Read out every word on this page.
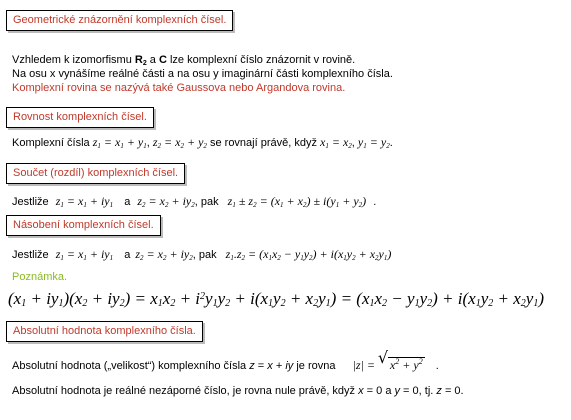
Geometrické znázornění komplexních čísel.
Vzhledem k izomorfismu $R_2$ a C lze komplexní číslo znázornit v rovině.
Na osu x vynášíme reálné části a na osu y imaginární části komplexního čísla.
Komplexní rovina se nazývá také Gaussova nebo Argandova rovina.
Rovnost komplexních čísel.
Komplexní čísla $z_1 = x_1 + y_1$, $z_2 = x_2 + y_2$ se rovnají právě, když $x_1 = x_2$, $y_1 = y_2$.
Součet (rozdíl) komplexních čísel.
Jestliže $z_1 = x_1 + iy_1$ a $z_2 = x_2 + iy_2$, pak $z_1 \pm z_2 = (x_1 + x_2) \pm i(y_1 + y_2)$ .
Násobení komplexních čísel.
Jestliže $z_1 = x_1 + iy_1$ a $z_2 = x_2 + iy_2$, pak $z_1.z_2 = (x_1x_2 - y_1y_2) + i(x_1y_2 + x_2y_1)$
Poznámka.
$(x_1 + iy_1)(x_2 + iy_2) = x_1x_2 + i^2y_1y_2 + i(x_1y_2 + x_2y_1) = (x_1x_2 - y_1y_2) + i(x_1y_2 + x_2y_1)$
Absolutní hodnota komplexního čísla.
Absolutní hodnota („velikost“) komplexního čísla z = x + iy je rovna |z| = √ $x^2 + y^2$ .
Absolutní hodnota je reálné nezáporné číslo, je rovna nule právě, když x = 0 a y = 0, tj. z = 0.
